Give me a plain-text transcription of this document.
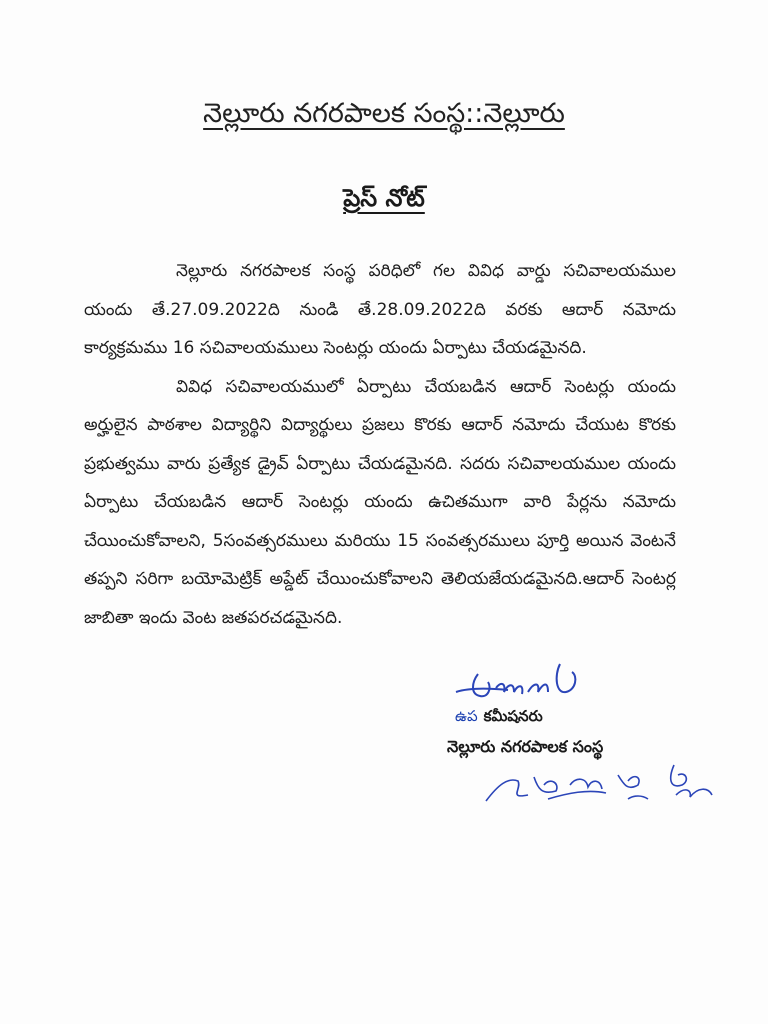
నెల్లూరు నగరపాలక సంస్థ::నెల్లూరు
ప్రెస్ నోట్

నెల్లూరు నగరపాలక సంస్థ పరిధిలో గల వివిధ వార్డు సచివాలయముల యందు తే.27.09.2022ది నుండి తే.28.09.2022ది వరకు ఆదార్ నమోదు కార్యక్రమము 16 సచివాలయములు సెంటర్లు యందు ఏర్పాటు చేయడమైనది.

వివిధ సచివాలయములో ఏర్పాటు చేయబడిన ఆదార్ సెంటర్లు యందు అర్హులైన పాఠశాల విద్యార్థిని విద్యార్థులు ప్రజలు కొరకు ఆదార్ నమోదు చేయుట కొరకు ప్రభుత్వము వారు ప్రత్యేక డ్రైవ్ ఏర్పాటు చేయడమైనది. సదరు సచివాలయముల యందు ఏర్పాటు చేయబడిన ఆదార్ సెంటర్లు యందు ఉచితముగా వారి పేర్లను నమోదు చేయించుకోవాలని, 5సంవత్సరములు మరియు 15 సంవత్సరములు పూర్తి అయిన వెంటనే తప్పని సరిగా బయోమెట్రిక్ అప్డేట్ చేయించుకోవాలని తెలియజేయడమైనది.ఆదార్ సెంటర్ల జాబితా ఇందు వెంట జతపరచడమైనది.

ఉప కమీషనరు
నెల్లూరు నగరపాలక సంస్థ
